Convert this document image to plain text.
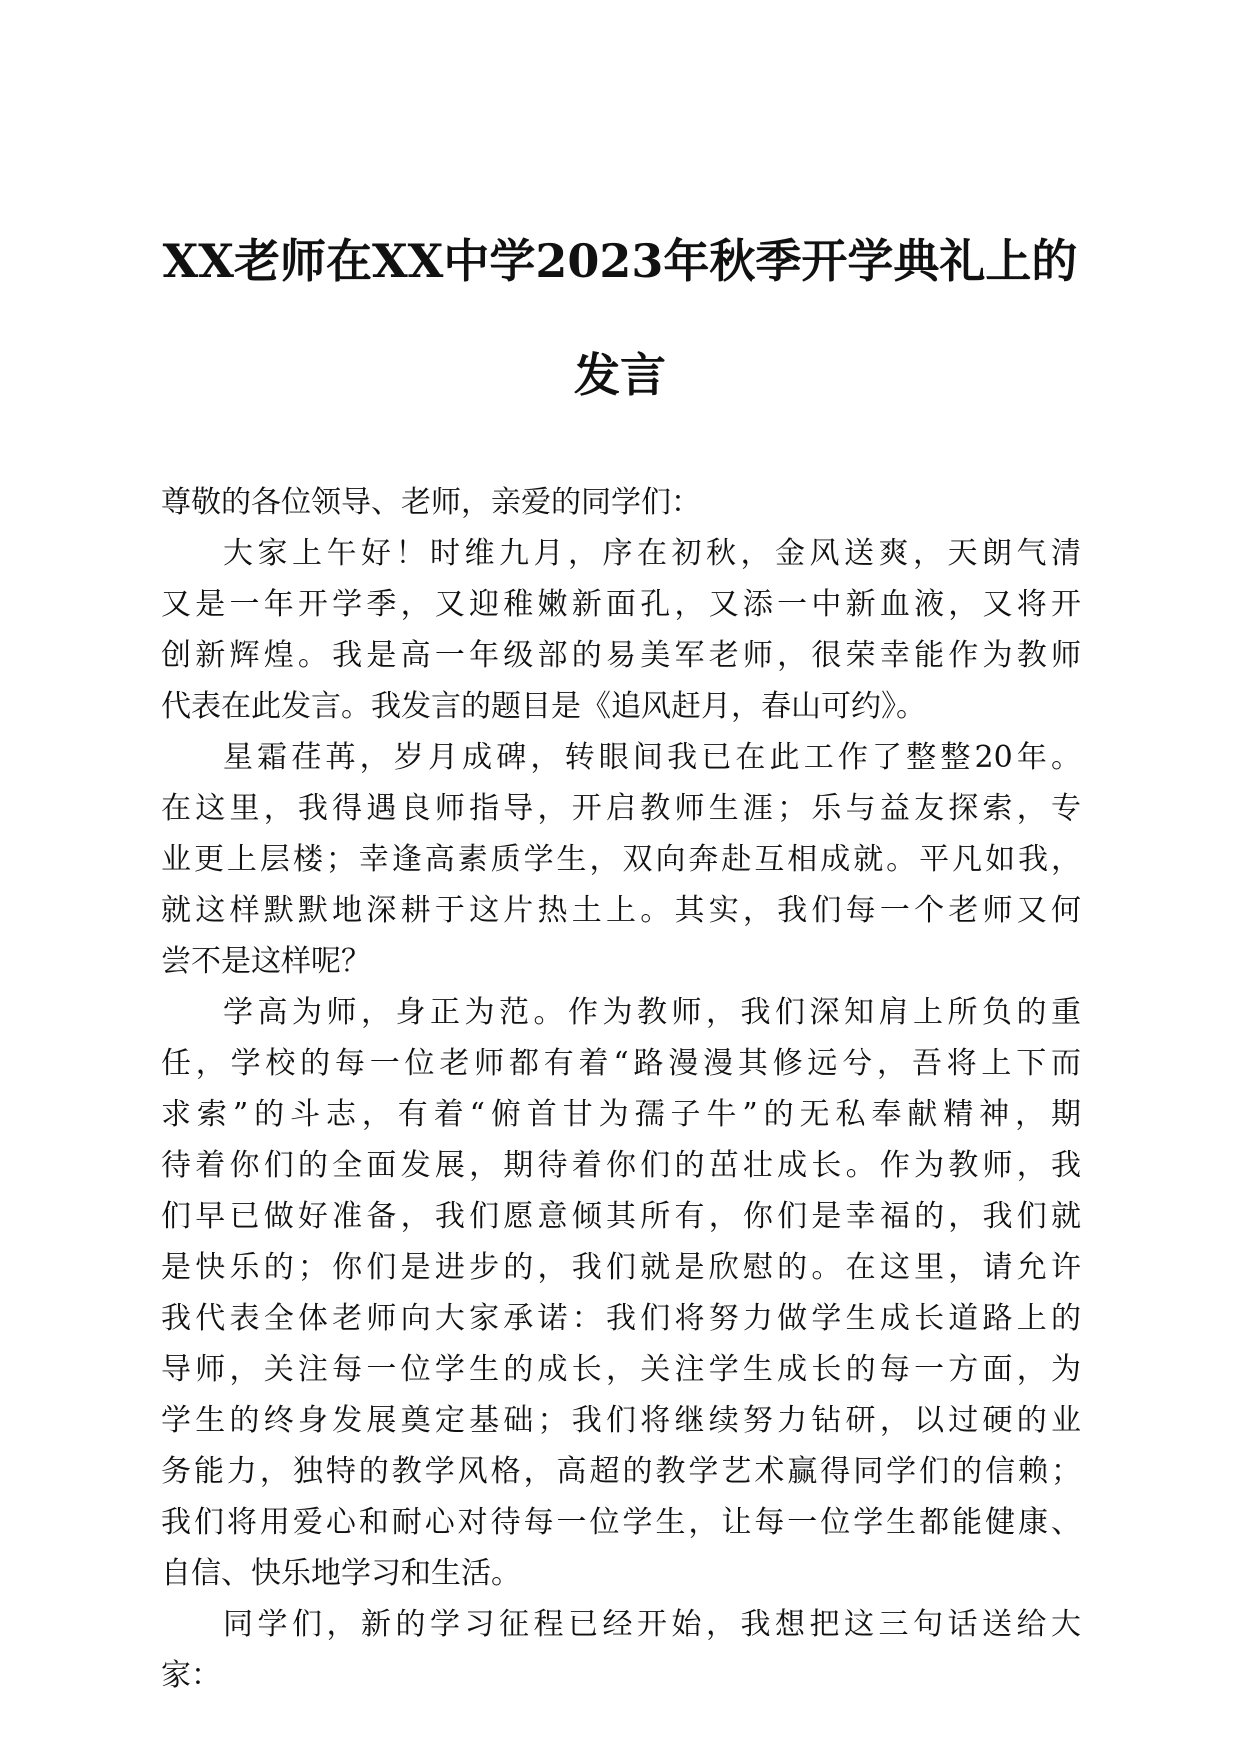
XX老师在XX中学2023年秋季开学典礼上的
发言
尊敬的各位领导、老师，亲爱的同学们：
大家上午好！时维九月，序在初秋，金风送爽，天朗气清
又是一年开学季，又迎稚嫩新面孔，又添一中新血液，又将开
创新辉煌。我是高一年级部的易美军老师，很荣幸能作为教师
代表在此发言。我发言的题目是《追风赶月，春山可约》。
星霜荏苒，岁月成碑，转眼间我已在此工作了整整20年。
在这里，我得遇良师指导，开启教师生涯；乐与益友探索，专
业更上层楼；幸逢高素质学生，双向奔赴互相成就。平凡如我，
就这样默默地深耕于这片热土上。其实，我们每一个老师又何
尝不是这样呢？
学高为师，身正为范。作为教师，我们深知肩上所负的重
任，学校的每一位老师都有着“路漫漫其修远兮，吾将上下而
求索”的斗志，有着“俯首甘为孺子牛”的无私奉献精神，期
待着你们的全面发展，期待着你们的茁壮成长。作为教师，我
们早已做好准备，我们愿意倾其所有，你们是幸福的，我们就
是快乐的；你们是进步的，我们就是欣慰的。在这里，请允许
我代表全体老师向大家承诺：我们将努力做学生成长道路上的
导师，关注每一位学生的成长，关注学生成长的每一方面，为
学生的终身发展奠定基础；我们将继续努力钻研，以过硬的业
务能力，独特的教学风格，高超的教学艺术赢得同学们的信赖；
我们将用爱心和耐心对待每一位学生，让每一位学生都能健康、
自信、快乐地学习和生活。
同学们，新的学习征程已经开始，我想把这三句话送给大
家：
